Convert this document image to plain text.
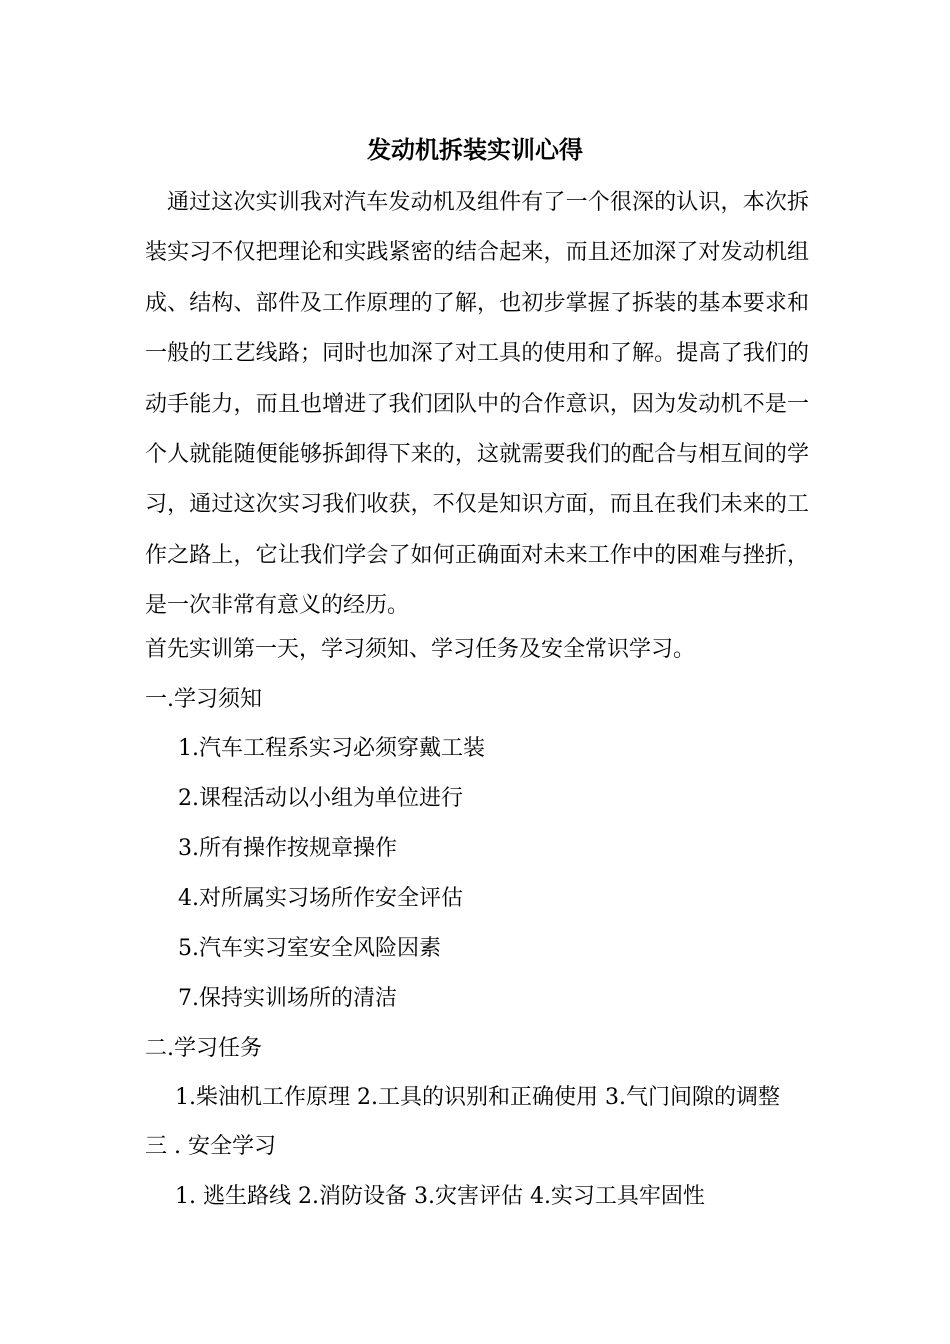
发动机拆装实训心得

通过这次实训我对汽车发动机及组件有了一个很深的认识，本次拆装实习不仅把理论和实践紧密的结合起来，而且还加深了对发动机组成、结构、部件及工作原理的了解，也初步掌握了拆装的基本要求和一般的工艺线路；同时也加深了对工具的使用和了解。提高了我们的动手能力，而且也增进了我们团队中的合作意识，因为发动机不是一个人就能随便能够拆卸得下来的，这就需要我们的配合与相互间的学习，通过这次实习我们收获，不仅是知识方面，而且在我们未来的工作之路上，它让我们学会了如何正确面对未来工作中的困难与挫折，是一次非常有意义的经历。

首先实训第一天，学习须知、学习任务及安全常识学习。

一.学习须知

1.汽车工程系实习必须穿戴工装

2.课程活动以小组为单位进行

3.所有操作按规章操作

4.对所属实习场所作安全评估

5.汽车实习室安全风险因素

7.保持实训场所的清洁

二.学习任务

1.柴油机工作原理 2.工具的识别和正确使用 3.气门间隙的调整

三 . 安全学习

1. 逃生路线 2.消防设备 3.灾害评估 4.实习工具牢固性
